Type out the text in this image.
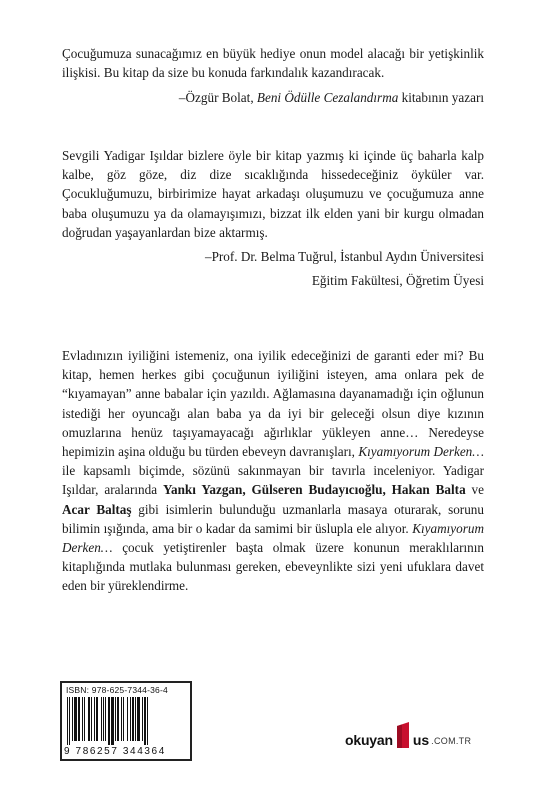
Çocuğumuza sunacağımız en büyük hediye onun model alacağı bir yetişkinlik ilişkisi. Bu kitap da size bu konuda farkındalık kazandıracak.

–Özgür Bolat, Beni Ödülle Cezalandırma kitabının yazarı

Sevgili Yadigar Işıldar bizlere öyle bir kitap yazmış ki içinde üç baharla kalp kalbe, göz göze, diz dize sıcaklığında hissedeceğiniz öyküler var. Çocukluğumuzu, birbirimize hayat arkadaşı oluşumuzu ve çocuğumuza anne baba oluşumuzu ya da olamayışımızı, bizzat ilk elden yani bir kurgu olmadan doğrudan yaşayanlardan bize aktarmış.

–Prof. Dr. Belma Tuğrul, İstanbul Aydın Üniversitesi

Eğitim Fakültesi, Öğretim Üyesi

Evladınızın iyiliğini istemeniz, ona iyilik edeceğinizi de garanti eder mi? Bu kitap, hemen herkes gibi çocuğunun iyiliğini isteyen, ama onlara pek de “kıyamayan” anne babalar için yazıldı. Ağlamasına dayanamadığı için oğlunun istediği her oyuncağı alan baba ya da iyi bir geleceği olsun diye kızının omuzlarına henüz taşıyamayacağı ağırlıklar yükleyen anne… Neredeyse hepimizin aşina olduğu bu türden ebeveyn davranışları, Kıyamıyorum Derken… ile kapsamlı biçimde, sözünü sakınmayan bir tavırla inceleniyor. Yadigar Işıldar, aralarında Yankı Yazgan, Gülseren Budayıcıoğlu, Hakan Balta ve Acar Baltaş gibi isimlerin bulunduğu uzmanlarla masaya oturarak, sorunu bilimin ışığında, ama bir o kadar da samimi bir üslupla ele alıyor. Kıyamıyorum Derken… çocuk yetiştirenler başta olmak üzere konunun meraklılarının kitaplığında mutlaka bulunması gereken, ebeveynlikte sizi yeni ufuklara davet eden bir yüreklendirme.

ISBN: 978-625-7344-36-4
9 786257 344364
okuyan us .COM.TR
